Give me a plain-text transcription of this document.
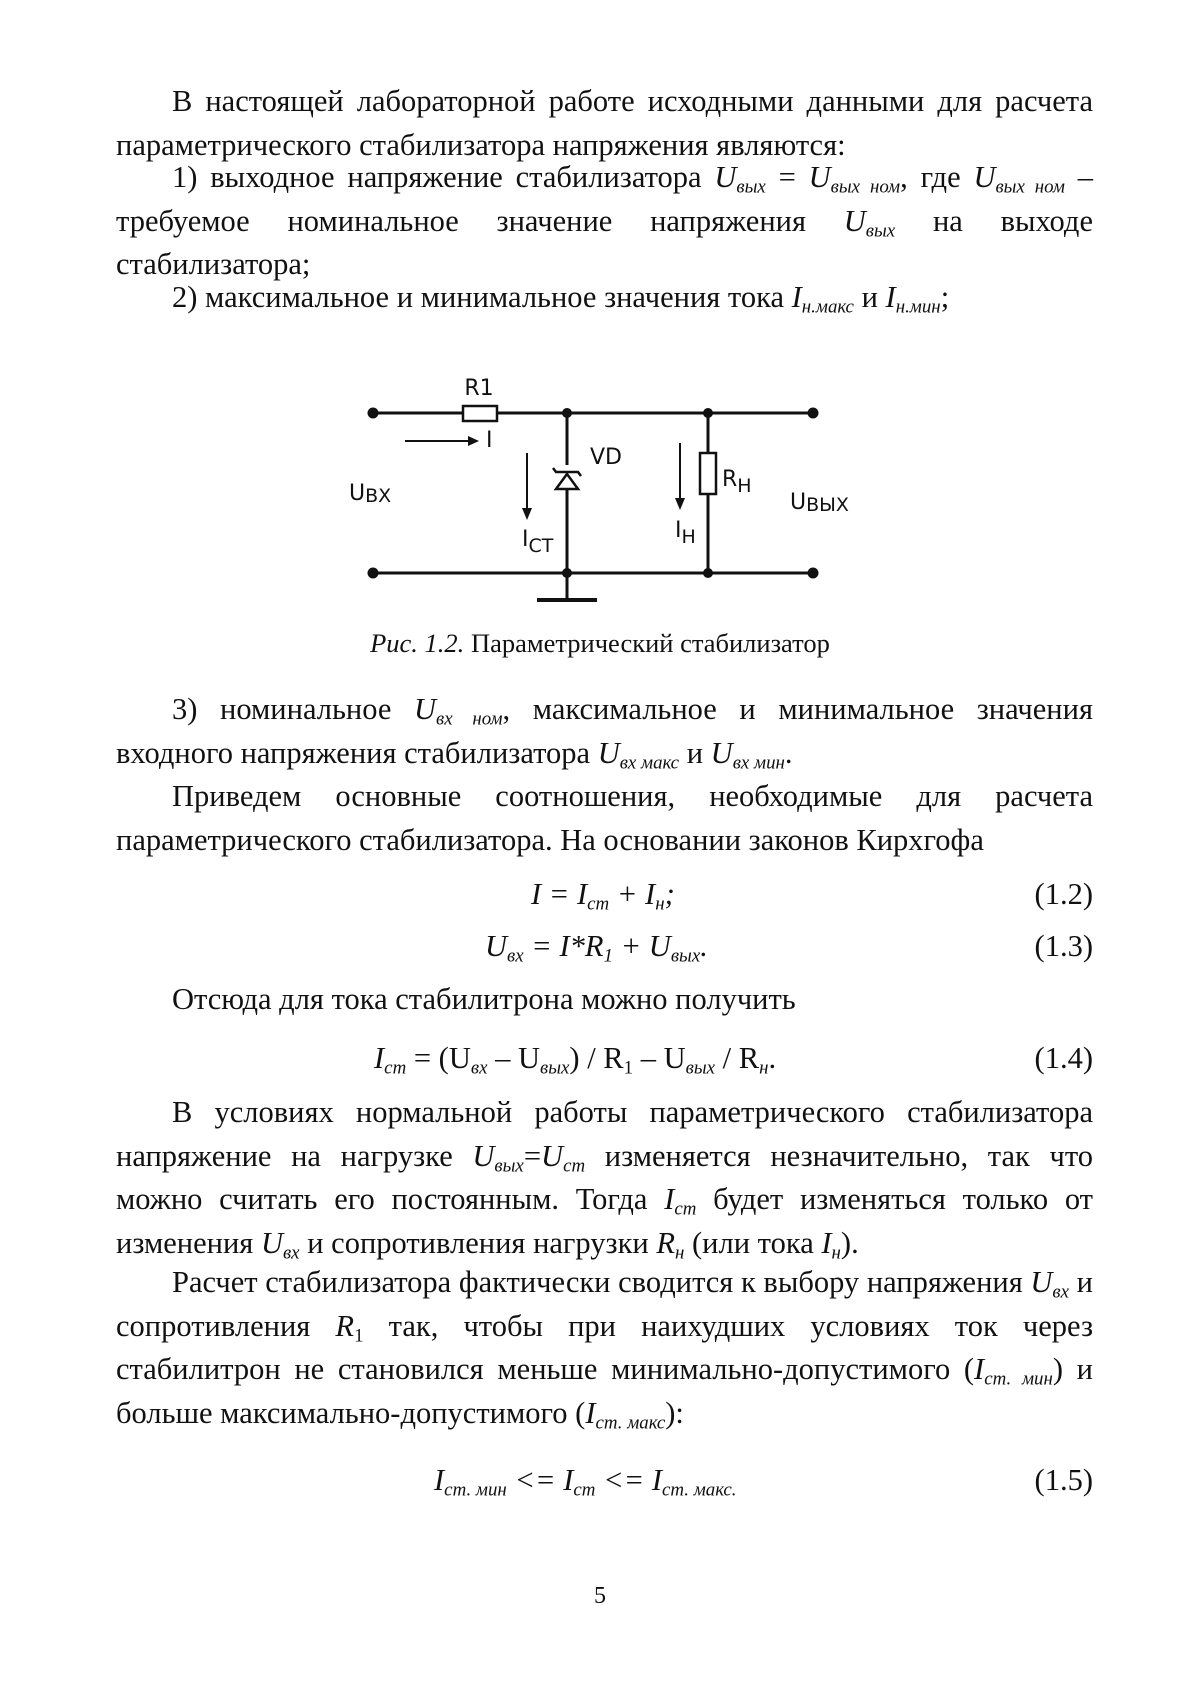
В настоящей лабораторной работе исходными данными для расчета параметрического стабилизатора напряжения являются:

1) выходное напряжение стабилизатора $U_{вых} = U_{вых ном}$, где $U_{вых ном}$ – требуемое номинальное значение напряжения $U_{вых}$ на выходе стабилизатора;

2) максимальное и минимальное значения тока $I_{н.макс}$ и $I_{н.мин}$;

R1
I
VD
RН
UВХ	UВЫХ
IСТ
IН
Рис. 1.2. Параметрический стабилизатор

3) номинальное $U_{вх ном}$, максимальное и минимальное значения входного напряжения стабилизатора $U_{вх макс}$ и $U_{вх мин}$.

Приведем основные соотношения, необходимые для расчета параметрического стабилизатора. На основании законов Кирхгофа

$I = I_{ст} + I_н$;	(1.2)
$U_{вх} = I*R_1 + U_{вых}$.	(1.3)

Отсюда для тока стабилитрона можно получить

$I_{ст} = (U_{вх} - U_{вых}) / R_1 - U_{вых} / R_н$.	(1.4)

В условиях нормальной работы параметрического стабилизатора напряжение на нагрузке $U_{вых}=U_{ст}$ изменяется незначительно, так что можно считать его постоянным. Тогда $I_{ст}$ будет изменяться только от изменения $U_{вх}$ и сопротивления нагрузки $R_н$ (или тока $I_н$).

Расчет стабилизатора фактически сводится к выбору напряжения $U_{вх}$ и сопротивления $R_1$ так, чтобы при наихудших условиях ток через стабилитрон не становился меньше минимально-допустимого $(I_{ст. мин})$ и больше максимально-допустимого $(I_{ст. макс})$:

$I_{ст. мин} <= I_{ст} <= I_{ст. макс.}$	(1.5)
5
